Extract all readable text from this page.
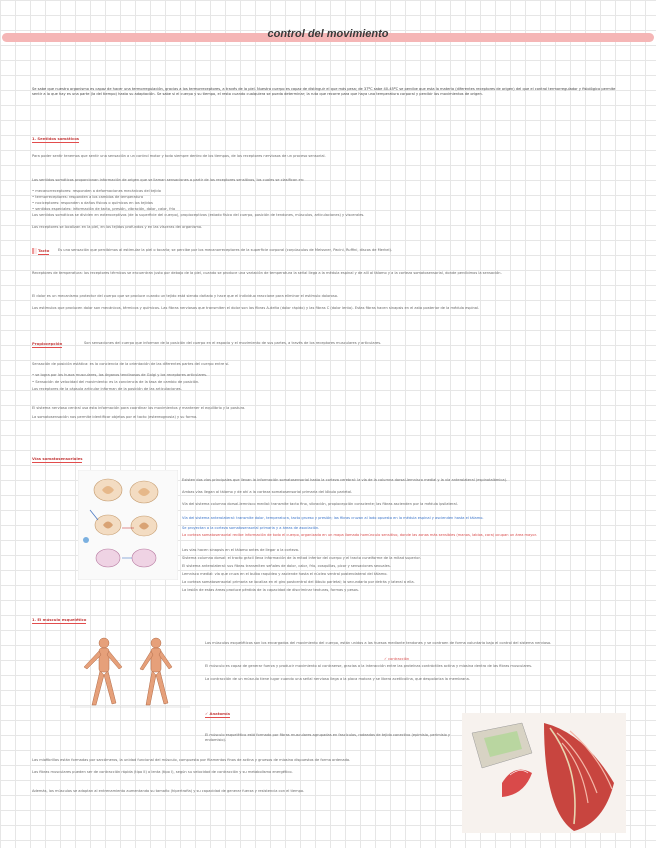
control del movimiento

Se sabe que nuestro organismo es capaz de hacer una termorregulación, gracias a los termorreceptores, a través de la piel. Nuestro cuerpo es capaz de distinguir el que más pesa; de 37ºC sabe 40-45ºC se percibe que esta la materia (diferentes receptores de origen) del que el control termorregulador y fisiológico permite sentir a lo que hay es una parte (la del tiempo) hasta su adaptación. Se sabe si el cuerpo y su tiempo, el resto cuando cualquiera se pueda determinar; la ruta que recorre para que haya una temperatura corporal y percibir los movimientos de origen.

1. Sentidos somáticos

Para poder sentir tenemos que sentir una sensación a un control motor y todo siempre dentro de los tiempos, de los receptores nerviosos de un proceso sensorial.

Los sentidos somáticos proporcionan información de origen que se llaman sensaciones a partir de los receptores sensitivos, los cuales se clasifican en:

• mecanorreceptores: responden a deformaciones mecánicas del tejido

• termorreceptores: responden a los cambios de temperatura

• nociceptores: responden a daños físicos o químicos en los tejidos

• sentidos especiales: información de tacto, presión, vibración, dolor, calor, frío

Los sentidos somáticos se dividen en exteroceptivos (de la superficie del cuerpo), propioceptivos (estado físico del cuerpo, posición de tendones, músculos, articulaciones) y viscerales.

Los receptores se localizan en la piel, en los tejidos profundos y en las vísceras del organismo.

Tacto Es una sensación que percibimos al estimular la piel o tocarla; se percibe por los mecanorreceptores de la superficie corporal (corpúsculos de Meissner, Pacini, Ruffini, discos de Merkel).

Receptores de temperatura: los receptores térmicos se encuentran justo por debajo de la piel, cuando se produce una variación de temperatura la señal llega a la médula espinal y de allí al tálamo y a la corteza somatosensorial, donde percibimos la sensación.

El dolor es un mecanismo protector del cuerpo que se produce cuando un tejido está siendo dañado y hace que el individuo reaccione para eliminar el estímulo doloroso.

Los estímulos que producen dolor son mecánicos, térmicos y químicos. Las fibras nerviosas que transmiten el dolor son las fibras A-delta (dolor rápido) y las fibras C (dolor lento). Estas fibras hacen sinapsis en el asta posterior de la médula espinal.

Propiocepción	Son sensaciones del cuerpo que informan de la posición del cuerpo en el espacio y el movimiento de sus partes, a través de los receptores musculares y articulares.

Sensación de posición estática: es la conciencia de la orientación de las diferentes partes del cuerpo entre sí.

• se logra por los husos musculares, los órganos tendinosos de Golgi y los receptores articulares.

• Sensación de velocidad del movimiento: es la conciencia de la tasa de cambio de posición.

Los receptores de la cápsula articular informan de la posición de las articulaciones.

El sistema nervioso central usa esta información para coordinar los movimientos y mantener el equilibrio y la postura.

La somatosensación nos permite identificar objetos por el tacto (estereognosia) y su forma.

Vías somatosensoriales

Existen dos vías principales que llevan la información somatosensorial hasta la corteza cerebral: la vía de la columna dorsal-lemnisco medial y la vía anterolateral (espinotalámica).

Ambas vías llegan al tálamo y de ahí a la corteza somatosensorial primaria del lóbulo parietal.

Vía del sistema columna dorsal-lemnisco medial: transmite tacto fino, vibración, propiocepción consciente; las fibras ascienden por la médula ipsilateral.

Vía del sistema anterolateral: transmite dolor, temperatura, tacto grueso y presión; las fibras cruzan al lado opuesto en la médula espinal y ascienden hasta el tálamo.

Se proyectan a la corteza somatosensorial primaria y a áreas de asociación.

La corteza somatosensorial recibe información de todo el cuerpo, organizada en un mapa llamado homúnculo sensitivo, donde las zonas más sensibles (manos, labios, cara) ocupan un área mayor.

Las vías hacen sinapsis en el tálamo antes de llegar a la corteza.

Sistema columna dorsal: el tracto grácil lleva información de la mitad inferior del cuerpo y el tracto cuneiforme de la mitad superior.

El sistema anterolateral: sus fibras transmiten señales de dolor, calor, frío, cosquillas, picor y sensaciones sexuales.

Lemnisco medial: vía que cruza en el bulbo raquídeo y asciende hasta el núcleo ventral posterolateral del tálamo.

La corteza somatosensorial primaria se localiza en el giro postcentral del lóbulo parietal; la secundaria por detrás y lateral a ella.

La lesión de estas áreas produce pérdida de la capacidad de discriminar texturas, formas y pesos.

1. El músculo esquelético

Los músculos esqueléticos son los encargados del movimiento del cuerpo, están unidos a los huesos mediante tendones y se contraen de forma voluntaria bajo el control del sistema nervioso.

El músculo es capaz de generar fuerza y producir movimiento al contraerse, gracias a la interacción entre las proteínas contráctiles actina y miosina dentro de las fibras musculares.

✓ contracción

La contracción de un músculo tiene lugar cuando una señal nerviosa llega a la placa motora y se libera acetilcolina, que despolariza la membrana.

✓ Anatomía

El músculo esquelético está formado por fibras musculares agrupadas en fascículos, rodeadas de tejido conectivo (epimisio, perimisio y endomisio).

Las miofibrillas están formadas por sarcómeros, la unidad funcional del músculo, compuesta por filamentos finos de actina y gruesos de miosina dispuestos de forma ordenada.

Las fibras musculares pueden ser de contracción rápida (tipo II) o lenta (tipo I), según su velocidad de contracción y su metabolismo energético.

Además, los músculos se adaptan al entrenamiento aumentando su tamaño (hipertrofia) y su capacidad de generar fuerza y resistencia con el tiempo.
